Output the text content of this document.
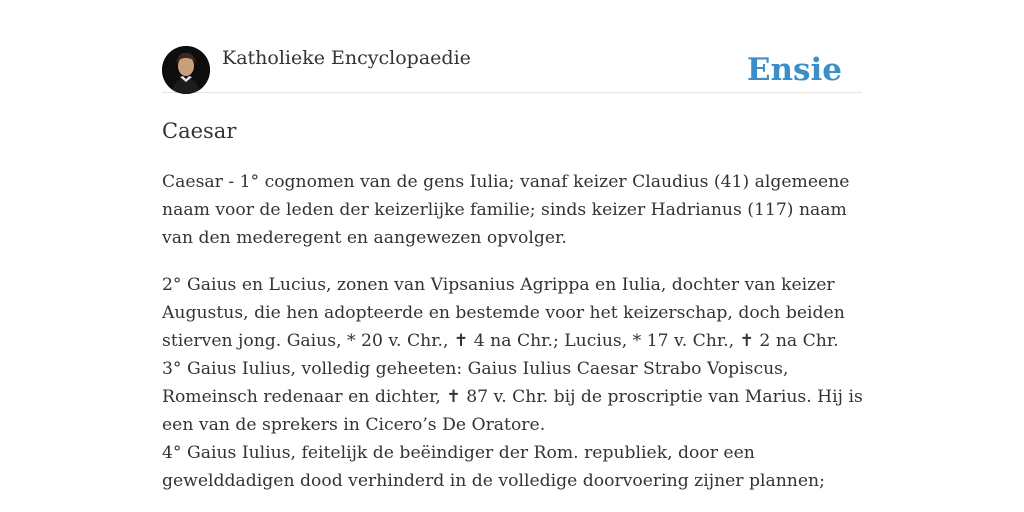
Katholieke Encyclopaedie	Ensie
Caesar

Caesar - 1° cognomen van de gens Iulia; vanaf keizer Claudius (41) algemeene

naam voor de leden der keizerlijke familie; sinds keizer Hadrianus (117) naam

van den mederegent en aangewezen opvolger.

2° Gaius en Lucius, zonen van Vipsanius Agrippa en Iulia, dochter van keizer

Augustus, die hen adopteerde en bestemde voor het keizerschap, doch beiden

stierven jong. Gaius, * 20 v. Chr., ✝ 4 na Chr.; Lucius, * 17 v. Chr., ✝ 2 na Chr.

3° Gaius Iulius, volledig geheeten: Gaius Iulius Caesar Strabo Vopiscus,

Romeinsch redenaar en dichter, ✝ 87 v. Chr. bij de proscriptie van Marius. Hij is

een van de sprekers in Cicero’s De Oratore.

4° Gaius Iulius, feitelijk de beëindiger der Rom. republiek, door een

gewelddadigen dood verhinderd in de volledige doorvoering zijner plannen;
